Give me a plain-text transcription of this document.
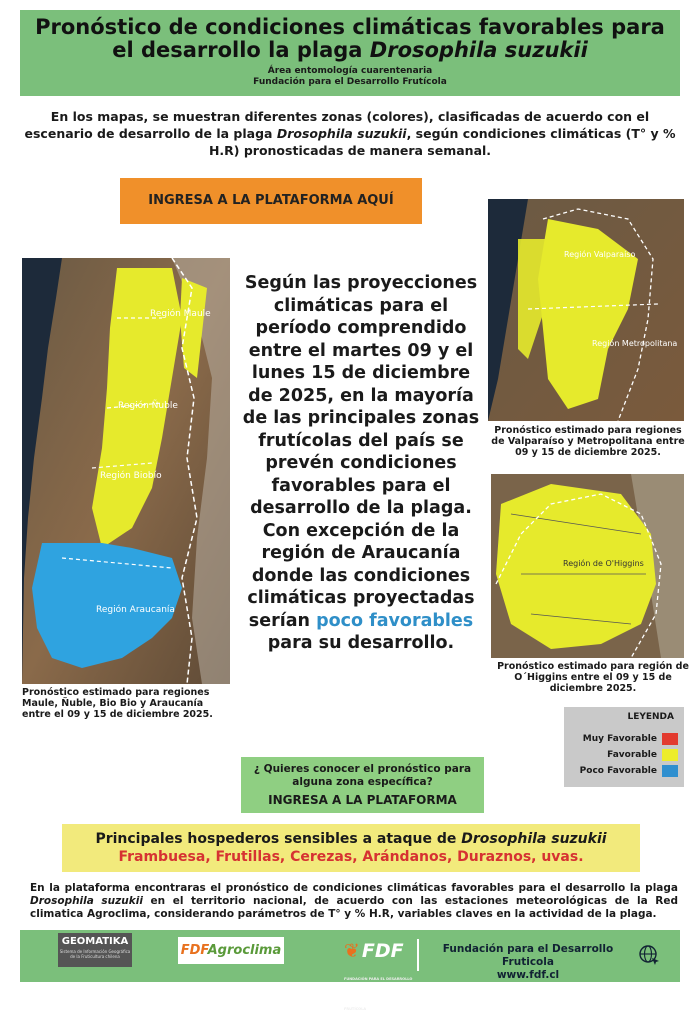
Pronóstico de condiciones climáticas favorables para
el desarrollo la plaga Drosophila suzukii
Área entomología cuarentenaria
Fundación para el Desarrollo Frutícola
En los mapas, se muestran diferentes zonas (colores), clasificadas de acuerdo con el escenario de desarrollo de la plaga Drosophila suzukii, según condiciones climáticas (T° y % H.R) pronosticadas de manera semanal.
INGRESA A LA PLATAFORMA AQUÍ
Región Maule
Región Ñuble
Región Biobío
Región Araucanía
Pronóstico estimado para regiones Maule, Ñuble, Bio Bio y Araucanía entre el 09 y 15 de diciembre 2025.
Según las proyecciones climáticas para el período comprendido entre el martes 09 y el lunes 15 de diciembre de 2025, en la mayoría de las principales zonas frutícolas del país se prevén condiciones favorables para el desarrollo de la plaga. Con excepción de la región de Araucanía donde las condiciones climáticas proyectadas serían poco favorables para su desarrollo.
Región Valparaíso
Región Metropolitana
Pronóstico estimado para regiones de Valparaíso y Metropolitana entre 09 y 15 de diciembre 2025.
Región de O'Higgins
Pronóstico estimado para región de O´Higgins entre el 09 y 15 de diciembre 2025.
LEYENDA
Muy Favorable
Favorable
Poco Favorable
¿ Quieres conocer el pronóstico para alguna zona específica?
INGRESA A LA PLATAFORMA
Principales hospederos sensibles a ataque de Drosophila suzukii
Frambuesa, Frutillas, Cerezas, Arándanos, Duraznos, uvas.
En la plataforma encontraras el pronóstico de condiciones climáticas favorables para el desarrollo la plaga Drosophila suzukii en el territorio nacional, de acuerdo con las estaciones meteorológicas de la Red climatica Agroclima, considerando parámetros de T° y % H.R, variables claves en la actividad de la plaga.
GEOMATIKA
Sistema de Información Geográfica de la Fruticultura chilena	FDFAgroclima	❦ FDF
FUNDACIÓN PARA EL DESARROLLO FRUTÍCOLA
Fundación para el Desarrollo Fruticola
www.fdf.cl
